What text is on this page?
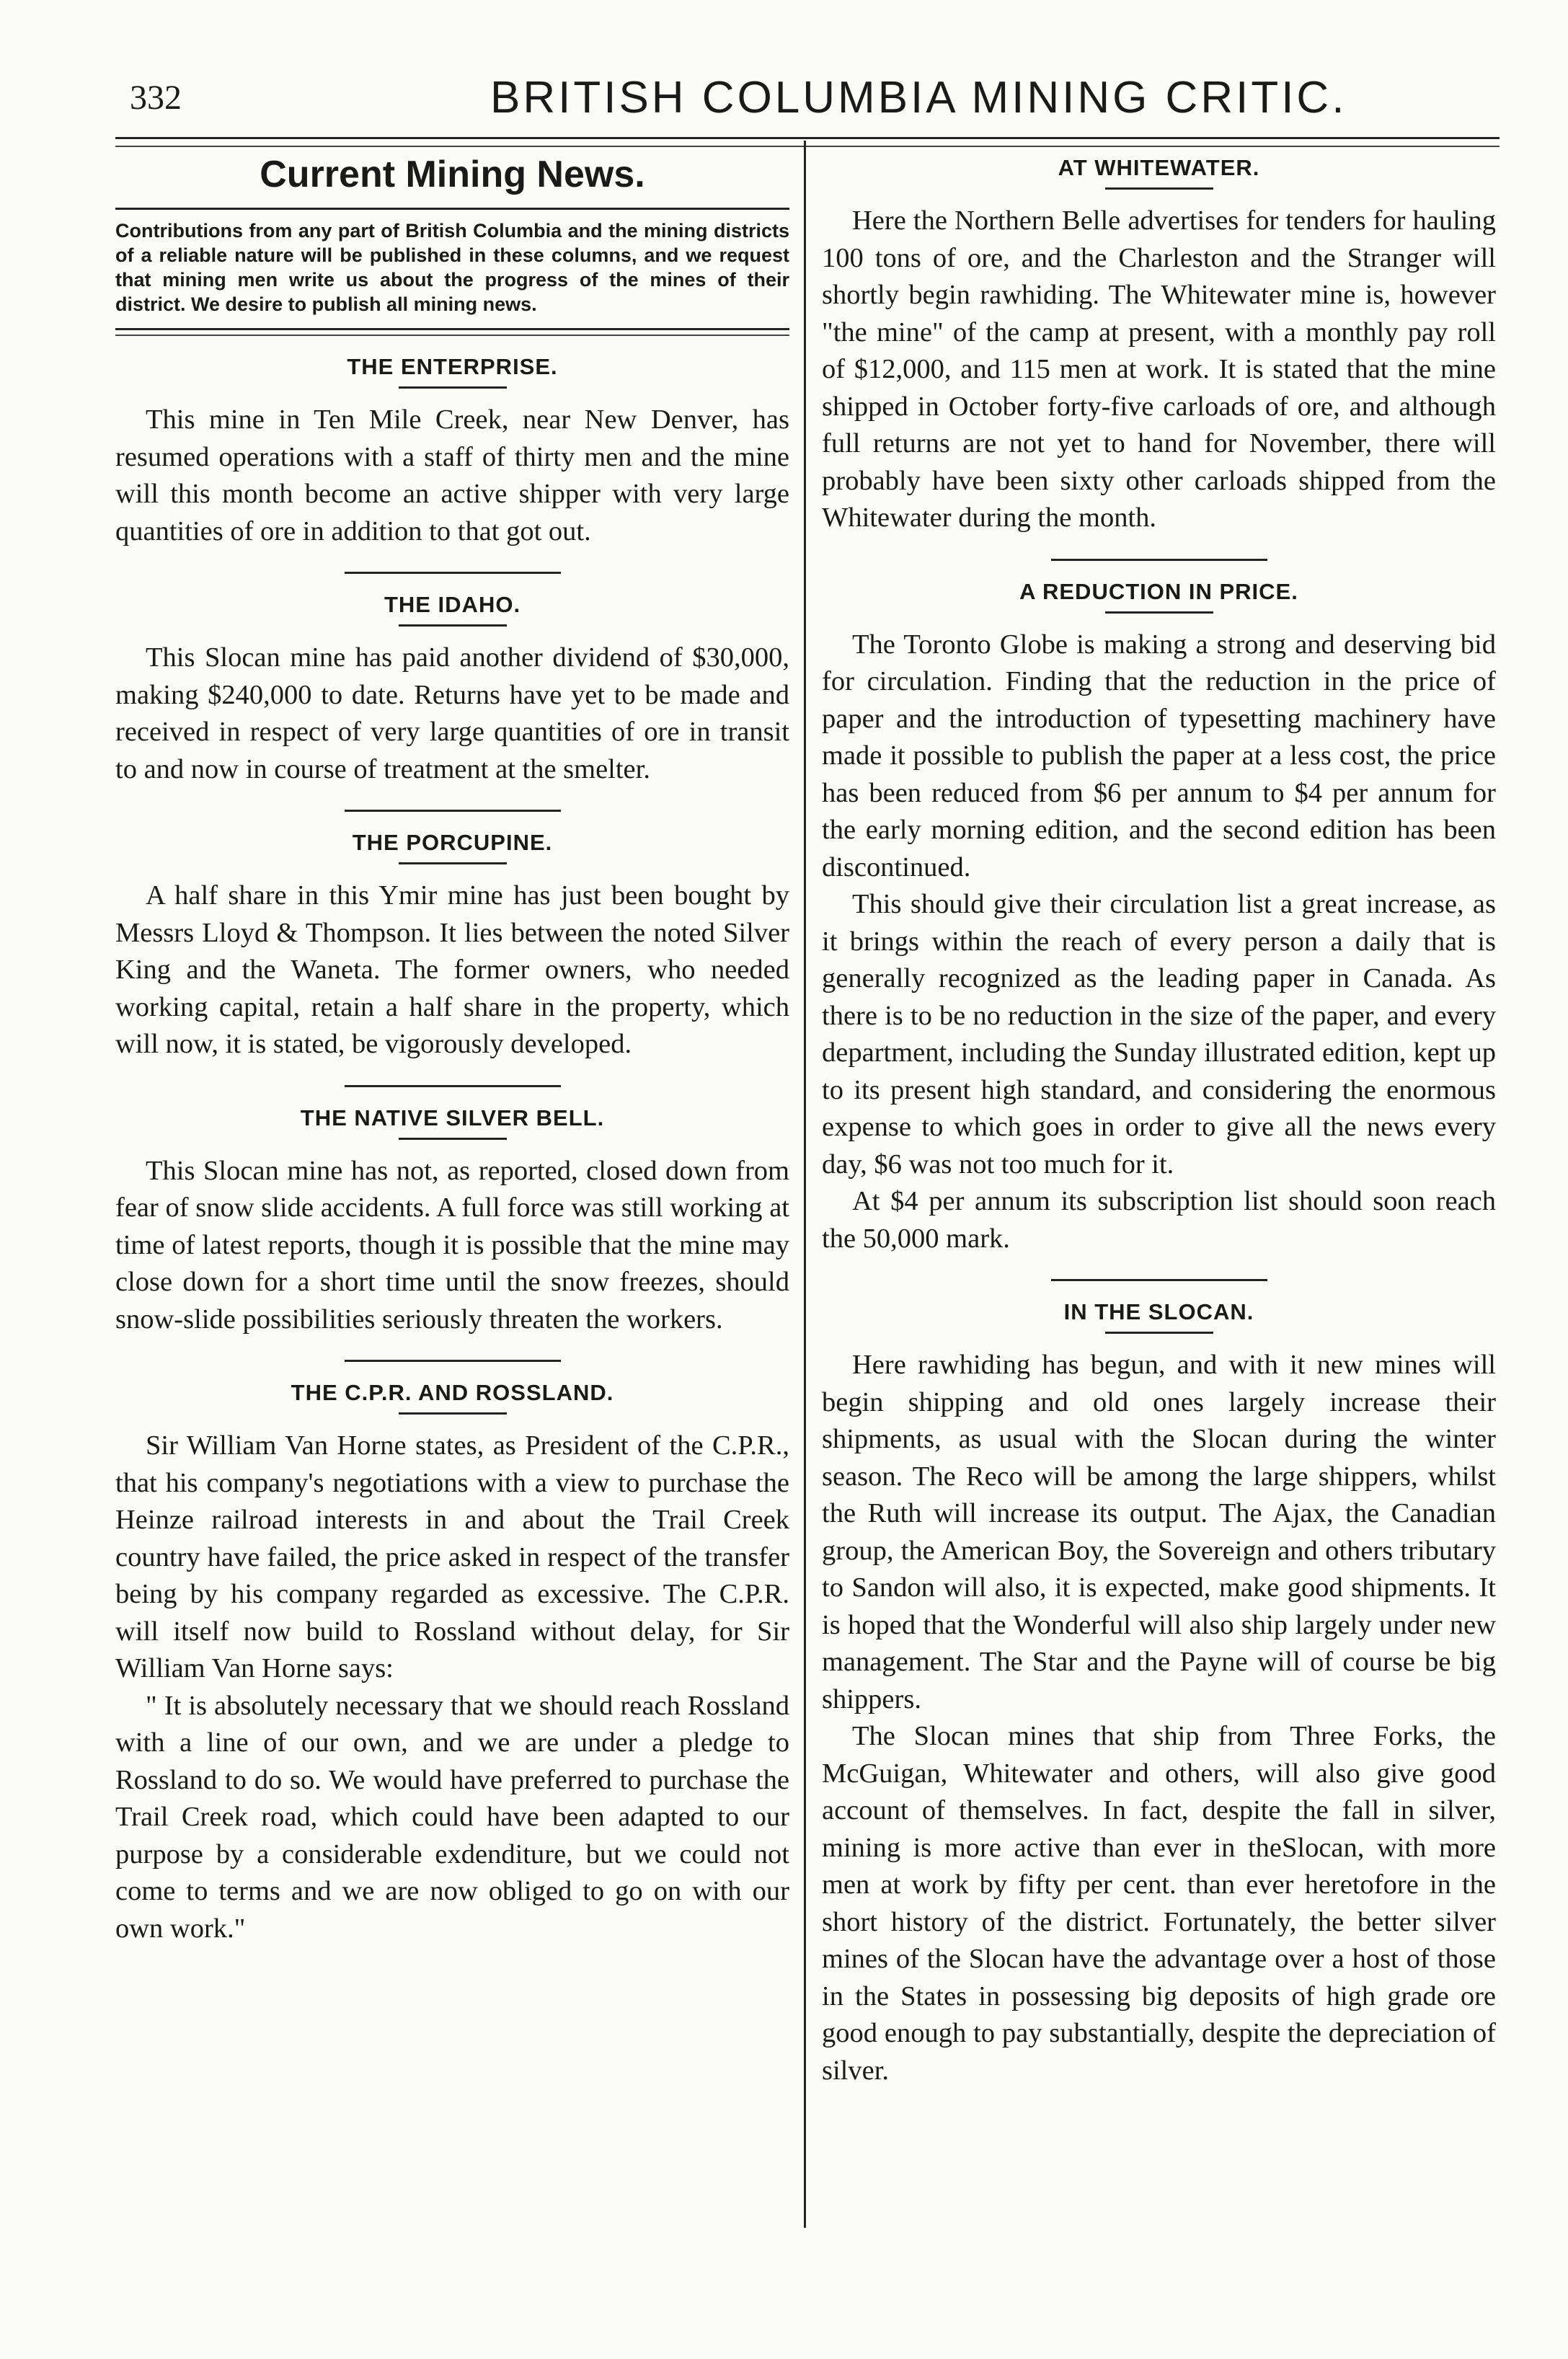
332	BRITISH COLUMBIA MINING CRITIC.
Current Mining News.
Contributions from any part of British Columbia and the mining districts of a reliable nature will be published in these columns, and we request that mining men write us about the progress of the mines of their district. We desire to publish all mining news.
THE ENTERPRISE.

This mine in Ten Mile Creek, near New Denver, has resumed operations with a staff of thirty men and the mine will this month become an active shipper with very large quantities of ore in addition to that got out.

THE IDAHO.

This Slocan mine has paid another dividend of $30,000, making $240,000 to date. Returns have yet to be made and received in respect of very large quantities of ore in transit to and now in course of treatment at the smelter.

THE PORCUPINE.

A half share in this Ymir mine has just been bought by Messrs Lloyd & Thompson. It lies between the noted Silver King and the Waneta. The former owners, who needed working capital, retain a half share in the property, which will now, it is stated, be vigorously developed.

THE NATIVE SILVER BELL.

This Slocan mine has not, as reported, closed down from fear of snow slide accidents. A full force was still working at time of latest reports, though it is possible that the mine may close down for a short time until the snow freezes, should snow-slide possibilities seriously threaten the workers.

THE C.P.R. AND ROSSLAND.

Sir William Van Horne states, as President of the C.P.R., that his company's negotiations with a view to purchase the Heinze railroad interests in and about the Trail Creek country have failed, the price asked in respect of the transfer being by his company regarded as excessive. The C.P.R. will itself now build to Rossland without delay, for Sir William Van Horne says:

" It is absolutely necessary that we should reach Rossland with a line of our own, and we are under a pledge to Rossland to do so. We would have preferred to purchase the Trail Creek road, which could have been adapted to our purpose by a considerable exdenditure, but we could not come to terms and we are now obliged to go on with our own work."

AT WHITEWATER.

Here the Northern Belle advertises for tenders for hauling 100 tons of ore, and the Charleston and the Stranger will shortly begin rawhiding. The Whitewater mine is, however "the mine" of the camp at present, with a monthly pay roll of $12,000, and 115 men at work. It is stated that the mine shipped in October forty-five carloads of ore, and although full returns are not yet to hand for November, there will probably have been sixty other carloads shipped from the Whitewater during the month.

A REDUCTION IN PRICE.

The Toronto Globe is making a strong and deserving bid for circulation. Finding that the reduction in the price of paper and the introduction of typesetting machinery have made it possible to publish the paper at a less cost, the price has been reduced from $6 per annum to $4 per annum for the early morning edition, and the second edition has been discontinued.

This should give their circulation list a great increase, as it brings within the reach of every person a daily that is generally recognized as the leading paper in Canada. As there is to be no reduction in the size of the paper, and every department, including the Sunday illustrated edition, kept up to its present high standard, and considering the enormous expense to which goes in order to give all the news every day, $6 was not too much for it.

At $4 per annum its subscription list should soon reach the 50,000 mark.

IN THE SLOCAN.

Here rawhiding has begun, and with it new mines will begin shipping and old ones largely increase their shipments, as usual with the Slocan during the winter season. The Reco will be among the large shippers, whilst the Ruth will increase its output. The Ajax, the Canadian group, the American Boy, the Sovereign and others tributary to Sandon will also, it is expected, make good shipments. It is hoped that the Wonderful will also ship largely under new management. The Star and the Payne will of course be big shippers.

The Slocan mines that ship from Three Forks, the McGuigan, Whitewater and others, will also give good account of themselves. In fact, despite the fall in silver, mining is more active than ever in theSlocan, with more men at work by fifty per cent. than ever heretofore in the short history of the district. Fortunately, the better silver mines of the Slocan have the advantage over a host of those in the States in possessing big deposits of high grade ore good enough to pay substantially, despite the depreciation of silver.
